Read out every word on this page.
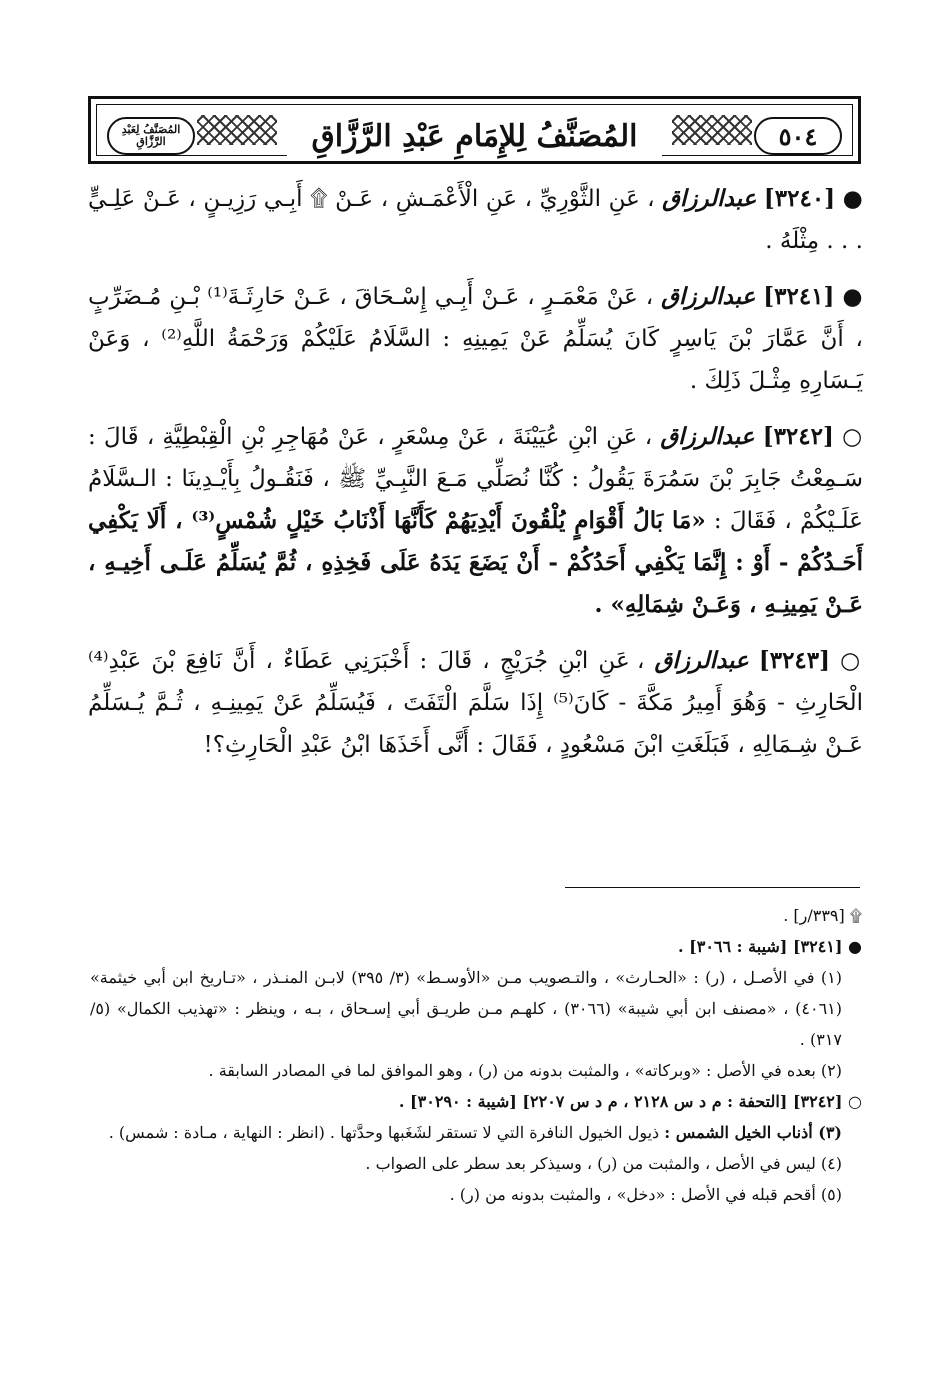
المُصَنَّفُ لِعَبْدِ الرَّزَّاقِ	٥٠٤
المُصَنَّفُ لِلإِمَامِ عَبْدِ الرَّزَّاقِ

● [٣٢٤٠] عبدالرزاق ، عَنِ الثَّوْرِيِّ ، عَنِ الْأَعْمَـشِ ، عَـنْ ۩ أَبِـي رَزِيـنٍ ، عَـنْ عَلِـيٍّ . . . مِثْلَهُ .

● [٣٢٤١] عبدالرزاق ، عَنْ مَعْمَـرٍ ، عَـنْ أَبِـي إِسْـحَاقَ ، عَـنْ حَارِثَـةَ⁽¹⁾ بْـنِ مُـضَرِّبٍ ، أَنَّ عَمَّارَ بْنَ يَاسِرٍ كَانَ يُسَلِّمُ عَنْ يَمِينِهِ : السَّلَامُ عَلَيْكُمْ وَرَحْمَةُ اللَّهِ⁽²⁾ ، وَعَنْ يَـسَارِهِ مِثْـلَ ذَلِكَ .

○ [٣٢٤٢] عبدالرزاق ، عَنِ ابْنِ عُيَيْنَةَ ، عَنْ مِسْعَرٍ ، عَنْ مُهَاجِرِ بْنِ الْقِبْطِيَّةِ ، قَالَ : سَـمِعْتُ جَابِرَ بْنَ سَمُرَةَ يَقُولُ : كُنَّا نُصَلِّي مَـعَ النَّبِـيِّ ﷺ ، فَنَقُـولُ بِأَيْـدِينَا : الـسَّلَامُ عَلَـيْكُمْ ، فَقَالَ : «مَا بَالُ أَقْوَامٍ يُلْقُونَ أَيْدِيَهُمْ كَأَنَّهَا أَذْنَابُ خَيْلٍ شُمْسٍ⁽³⁾ ، أَلَا يَكْفِي أَحَـدُكُمْ - أَوْ : إِنَّمَا يَكْفِي أَحَدُكُمْ - أَنْ يَضَعَ يَدَهُ عَلَى فَخِذِهِ ، ثُمَّ يُسَلِّمُ عَلَـى أَخِيـهِ ، عَـنْ يَمِينِـهِ ، وَعَـنْ شِمَالِهِ» .

○ [٣٢٤٣] عبدالرزاق ، عَنِ ابْنِ جُرَيْجٍ ، قَالَ : أَخْبَرَنِي عَطَاءٌ ، أَنَّ نَافِعَ بْنَ عَبْدِ⁽⁴⁾ الْحَارِثِ - وَهُوَ أَمِيرُ مَكَّةَ - كَانَ⁽⁵⁾ إِذَا سَلَّمَ الْتَفَتَ ، فَيُسَلِّمُ عَنْ يَمِينِـهِ ، ثُـمَّ يُـسَلِّمُ عَـنْ شِـمَالِهِ ، فَبَلَغَتِ ابْنَ مَسْعُودٍ ، فَقَالَ : أَنَّى أَخَذَهَا ابْنُ عَبْدِ الْحَارِثِ؟!

۩ [٣٣٩/ر] .

● [٣٢٤١] [شيبة : ٣٠٦٦] .

(١) في الأصـل ، (ر) : «الحـارث» ، والتـصويب مـن «الأوسـط» (٣/ ٣٩٥) لابـن المنـذر ، «تـاريخ ابن أبي خيثمة» (٤٠٦١) ، «مصنف ابن أبي شيبة» (٣٠٦٦) ، كلهـم مـن طريـق أبي إسـحاق ، بـه ، وينظر : «تهذيب الكمال» (٥/ ٣١٧) .

(٢) بعده في الأصل : «وبركاته» ، والمثبت بدونه من (ر) ، وهو الموافق لما في المصادر السابقة .

○ [٣٢٤٢] [التحفة : م د س ٢١٢٨ ، م د س ٢٢٠٧] [شيبة : ٣٠٢٩٠] .

(٣) أذناب الخيل الشمس : ذيول الخيول النافرة التي لا تستقر لشَغَبها وحدَّتها . (انظر : النهاية ، مـادة : شمس) .

(٤) ليس في الأصل ، والمثبت من (ر) ، وسيذكر بعد سطر على الصواب .

(٥) أقحم قبله في الأصل : «دخل» ، والمثبت بدونه من (ر) .
